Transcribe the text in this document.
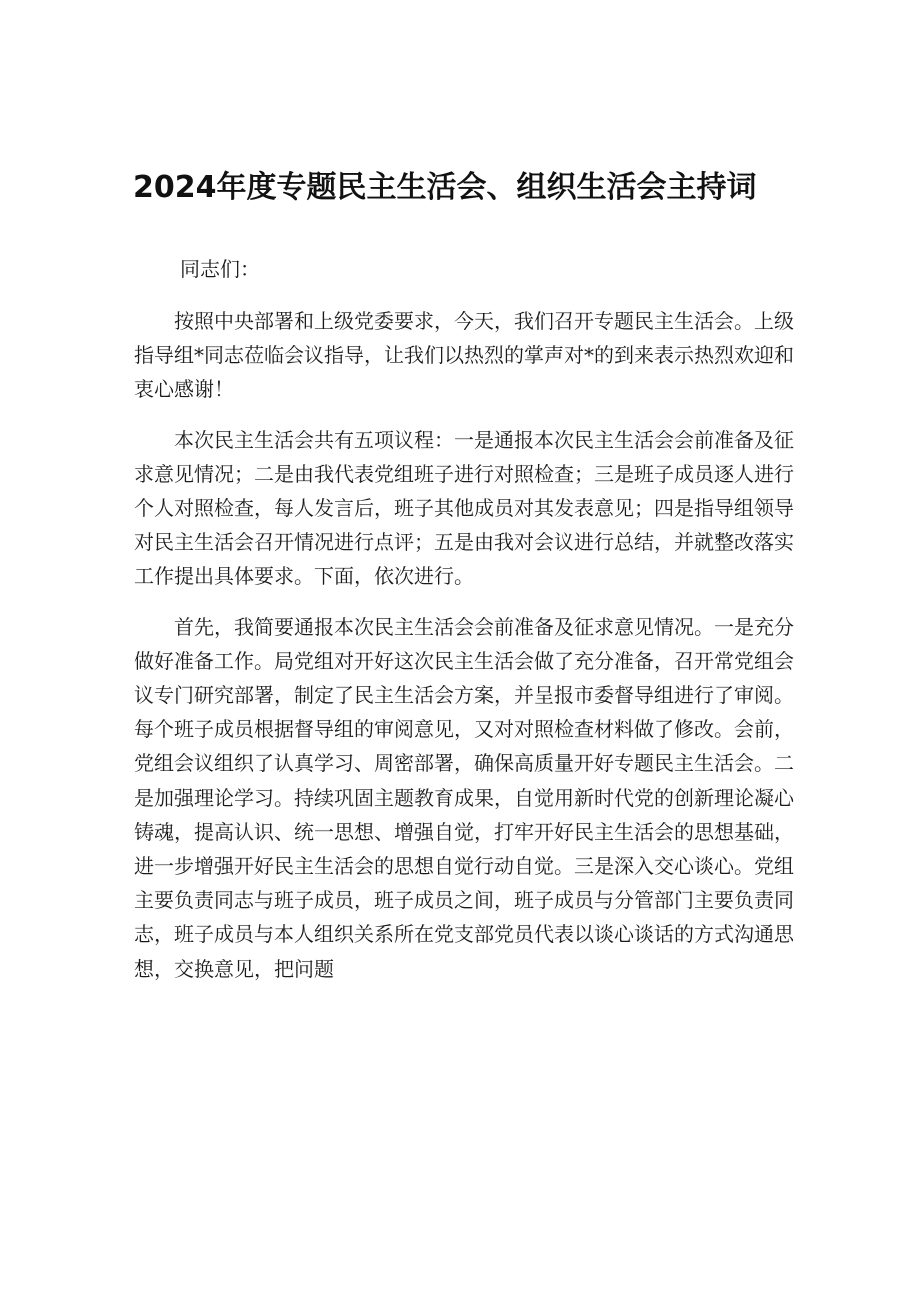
2024年度专题民主生活会、组织生活会主持词

同志们：

按照中央部署和上级党委要求，今天，我们召开专题民主生活会。上级指导组*同志莅临会议指导，让我们以热烈的掌声对*的到来表示热烈欢迎和衷心感谢！

本次民主生活会共有五项议程：一是通报本次民主生活会会前准备及征求意见情况；二是由我代表党组班子进行对照检查；三是班子成员逐人进行个人对照检查，每人发言后，班子其他成员对其发表意见；四是指导组领导对民主生活会召开情况进行点评；五是由我对会议进行总结，并就整改落实工作提出具体要求。下面，依次进行。

首先，我简要通报本次民主生活会会前准备及征求意见情况。一是充分做好准备工作。局党组对开好这次民主生活会做了充分准备，召开常党组会议专门研究部署，制定了民主生活会方案，并呈报市委督导组进行了审阅。每个班子成员根据督导组的审阅意见，又对对照检查材料做了修改。会前，党组会议组织了认真学习、周密部署，确保高质量开好专题民主生活会。二是加强理论学习。持续巩固主题教育成果，自觉用新时代党的创新理论凝心铸魂，提高认识、统一思想、增强自觉，打牢开好民主生活会的思想基础，进一步增强开好民主生活会的思想自觉行动自觉。三是深入交心谈心。党组主要负责同志与班子成员，班子成员之间，班子成员与分管部门主要负责同志，班子成员与本人组织关系所在党支部党员代表以谈心谈话的方式沟通思想，交换意见，把问题
